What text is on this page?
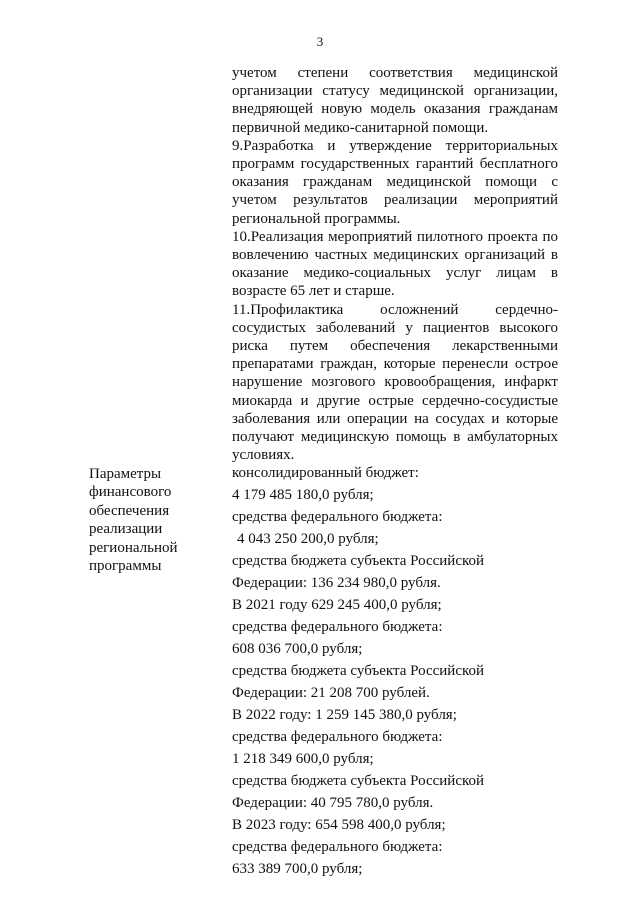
3

учетом степени соответствия медицинской организации статусу медицинской организации, внедряющей новую модель оказания гражданам первичной медико-санитарной помощи.

9.Разработка и утверждение территориальных программ государственных гарантий бесплатного оказания гражданам медицинской помощи с учетом результатов реализации мероприятий региональной программы.

10.Реализация мероприятий пилотного проекта по вовлечению частных медицинских организаций в оказание медико-социальных услуг лицам в возрасте 65 лет и старше.

11.Профилактика осложнений сердечно-сосудистых заболеваний у пациентов высокого риска путем обеспечения лекарственными препаратами граждан, которые перенесли острое нарушение мозгового кровообращения, инфаркт миокарда и другие острые сердечно-сосудистые заболевания или операции на сосудах и которые получают медицинскую помощь в амбулаторных условиях.

Параметры
финансового
обеспечения
реализации
региональной
программы
консолидированный бюджет:
4 179 485 180,0 рубля;
средства федерального бюджета:
4 043 250 200,0 рубля;
средства бюджета субъекта Российской
Федерации: 136 234 980,0 рубля.
В 2021 году 629 245 400,0 рубля;
средства федерального бюджета:
608 036 700,0 рубля;
средства бюджета субъекта Российской
Федерации: 21 208 700 рублей.
В 2022 году: 1 259 145 380,0 рубля;
средства федерального бюджета:
1 218 349 600,0 рубля;
средства бюджета субъекта Российской
Федерации: 40 795 780,0 рубля.
В 2023 году: 654 598 400,0 рубля;
средства федерального бюджета:
633 389 700,0 рубля;
